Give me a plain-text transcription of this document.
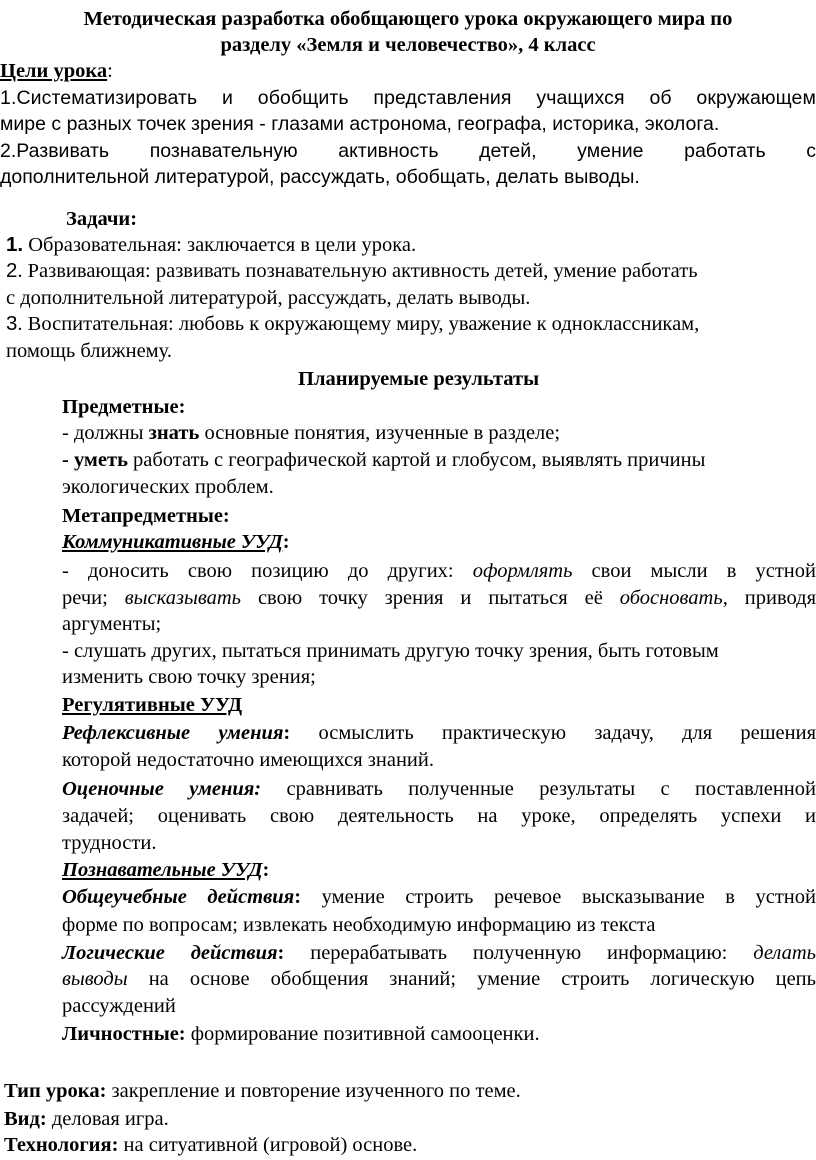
Методическая разработка обобщающего урока окружающего мира по
разделу «Земля и человечество», 4 класс
Цели урока:
1.Систематизировать и обобщить представления учащихся об окружающем
мире с разных точек зрения - глазами астронома, географа, историка, эколога.
2.Развивать познавательную активность детей, умение работать с
дополнительной литературой, рассуждать, обобщать, делать выводы.
Задачи:
1. Образовательная: заключается в цели урока.
2. Развивающая: развивать познавательную активность детей, умение работать
с дополнительной литературой, рассуждать, делать выводы.
3. Воспитательная: любовь к окружающему миру, уважение к одноклассникам,
помощь ближнему.
Планируемые результаты
Предметные:
- должны знать основные понятия, изученные в разделе;
- уметь работать с географической картой и глобусом, выявлять причины
экологических проблем.
Метапредметные:
Коммуникативные УУД:
- доносить свою позицию до других: оформлять свои мысли в устной
речи; высказывать свою точку зрения и пытаться её обосновать, приводя
аргументы;
- слушать других, пытаться принимать другую точку зрения, быть готовым
изменить свою точку зрения;
Регулятивные УУД
Рефлексивные умения: осмыслить практическую задачу, для решения
которой недостаточно имеющихся знаний.
Оценочные умения: сравнивать полученные результаты с поставленной
задачей; оценивать свою деятельность на уроке, определять успехи и
трудности.
Познавательные УУД:
Общеучебные действия: умение строить речевое высказывание в устной
форме по вопросам; извлекать необходимую информацию из текста
Логические действия: перерабатывать полученную информацию: делать
выводы на основе обобщения знаний; умение строить логическую цепь
рассуждений
Личностные: формирование позитивной самооценки.
Тип урока: закрепление и повторение изученного по теме.
Вид: деловая игра.
Технология: на ситуативной (игровой) основе.
